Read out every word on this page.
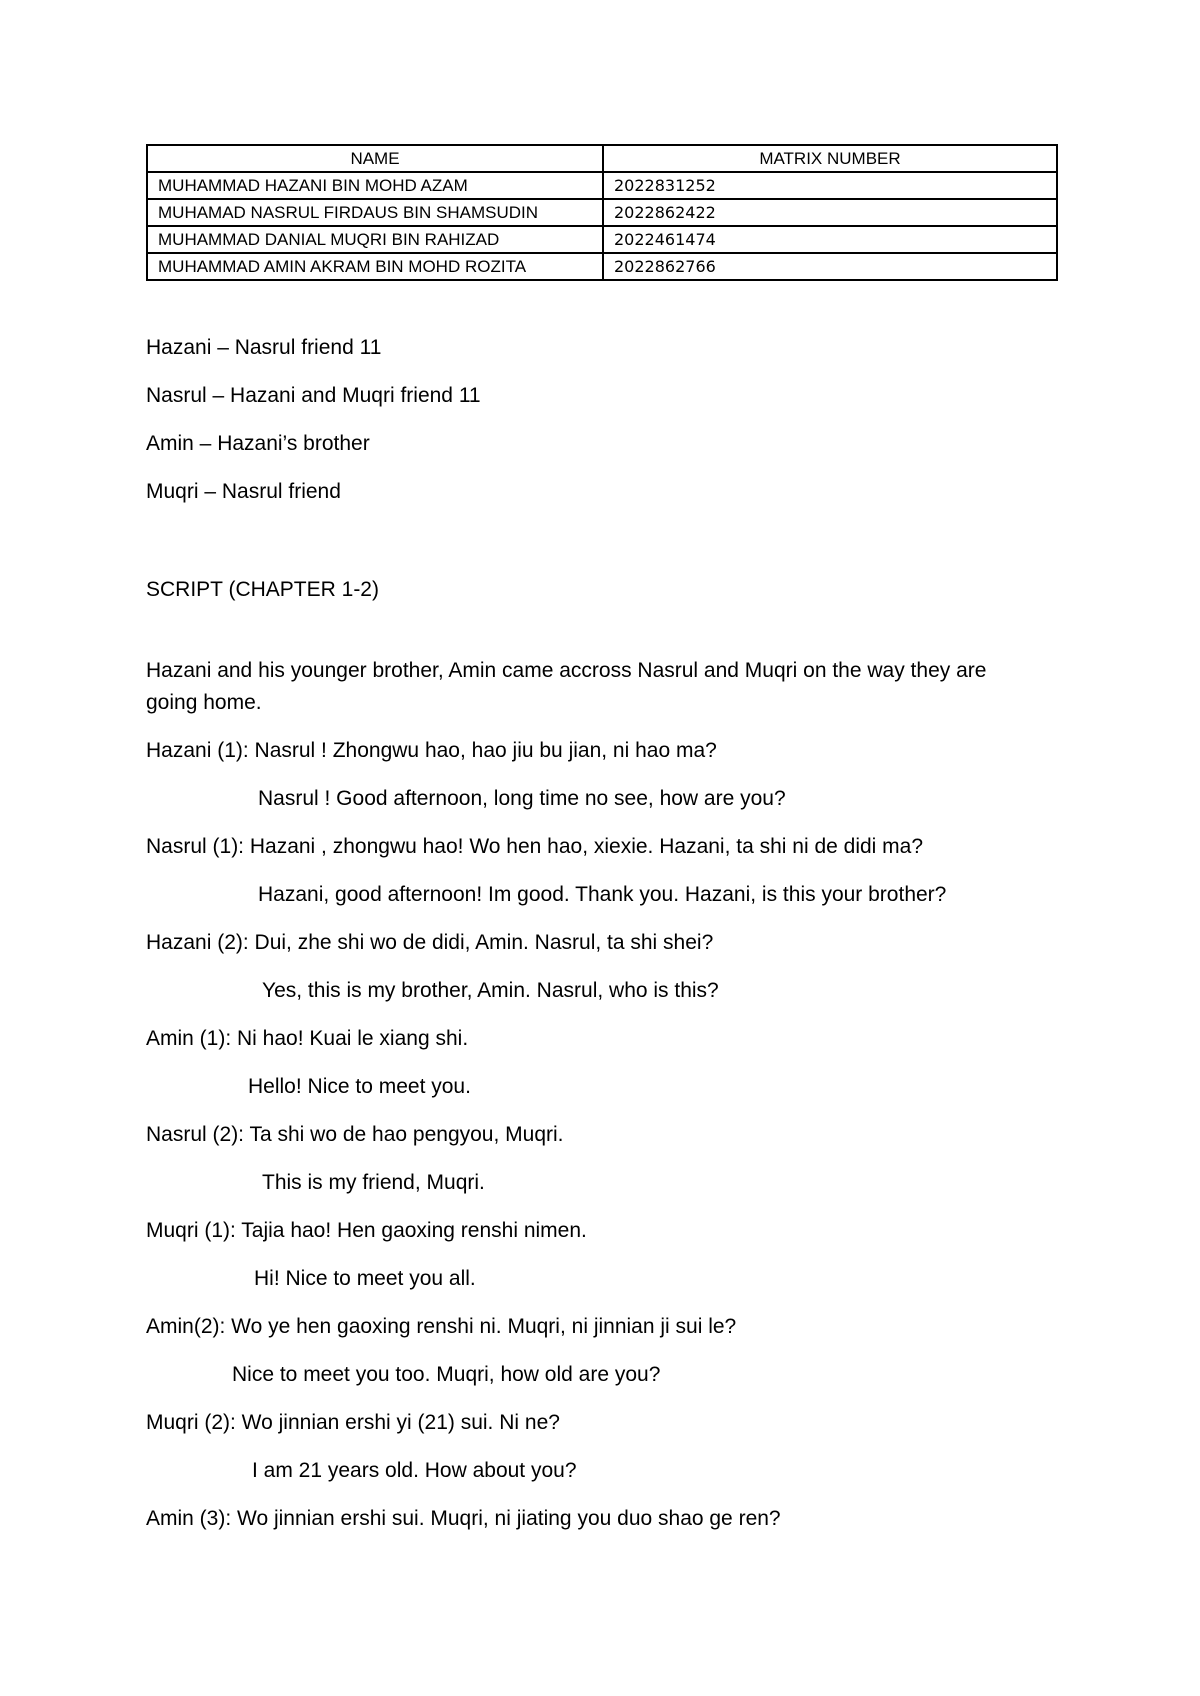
NAME	MATRIX NUMBER
MUHAMMAD HAZANI BIN MOHD AZAM	2022831252
MUHAMAD NASRUL FIRDAUS BIN SHAMSUDIN	2022862422
MUHAMMAD DANIAL MUQRI BIN RAHIZAD	2022461474
MUHAMMAD AMIN AKRAM BIN MOHD ROZITA	2022862766
Hazani – Nasrul friend 11
Nasrul – Hazani and Muqri friend 11
Amin – Hazani’s brother
Muqri – Nasrul friend
SCRIPT (CHAPTER 1-2)
Hazani and his younger brother, Amin came accross Nasrul and Muqri on the way they are
going home.
Hazani (1): Nasrul ! Zhongwu hao, hao jiu bu jian, ni hao ma?
Nasrul ! Good afternoon, long time no see, how are you?
Nasrul (1): Hazani , zhongwu hao! Wo hen hao, xiexie. Hazani, ta shi ni de didi ma?
Hazani, good afternoon! Im good. Thank you. Hazani, is this your brother?
Hazani (2): Dui, zhe shi wo de didi, Amin. Nasrul, ta shi shei?
Yes, this is my brother, Amin. Nasrul, who is this?
Amin (1): Ni hao! Kuai le xiang shi.
Hello! Nice to meet you.
Nasrul (2): Ta shi wo de hao pengyou, Muqri.
This is my friend, Muqri.
Muqri (1): Tajia hao! Hen gaoxing renshi nimen.
Hi! Nice to meet you all.
Amin(2): Wo ye hen gaoxing renshi ni. Muqri, ni jinnian ji sui le?
Nice to meet you too. Muqri, how old are you?
Muqri (2): Wo jinnian ershi yi (21) sui. Ni ne?
I am 21 years old. How about you?
Amin (3): Wo jinnian ershi sui. Muqri, ni jiating you duo shao ge ren?
